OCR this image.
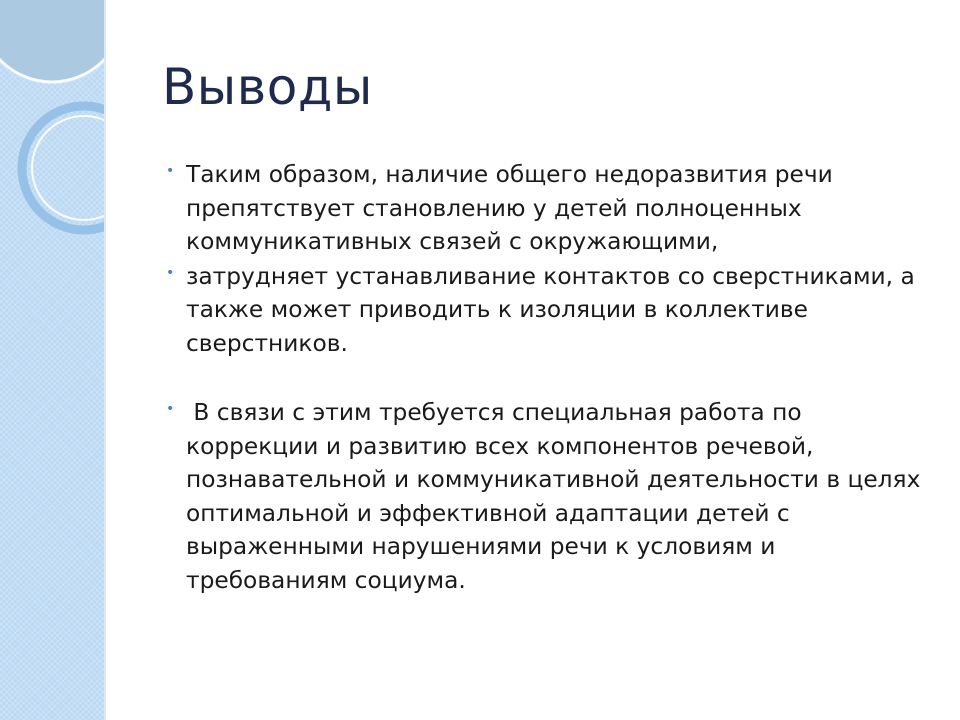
Выводы
• Таким образом, наличие общего недоразвития речи препятствует становлению у детей полноценных коммуникативных связей с окружающими,
• затрудняет устанавливание контактов со сверстниками, а также может приводить к изоляции в коллективе сверстников.
• В связи с этим требуется специальная работа по коррекции и развитию всех компонентов речевой, познавательной и коммуникативной деятельности в целях оптимальной и эффективной адаптации детей с выраженными нарушениями речи к условиям и требованиям социума.
